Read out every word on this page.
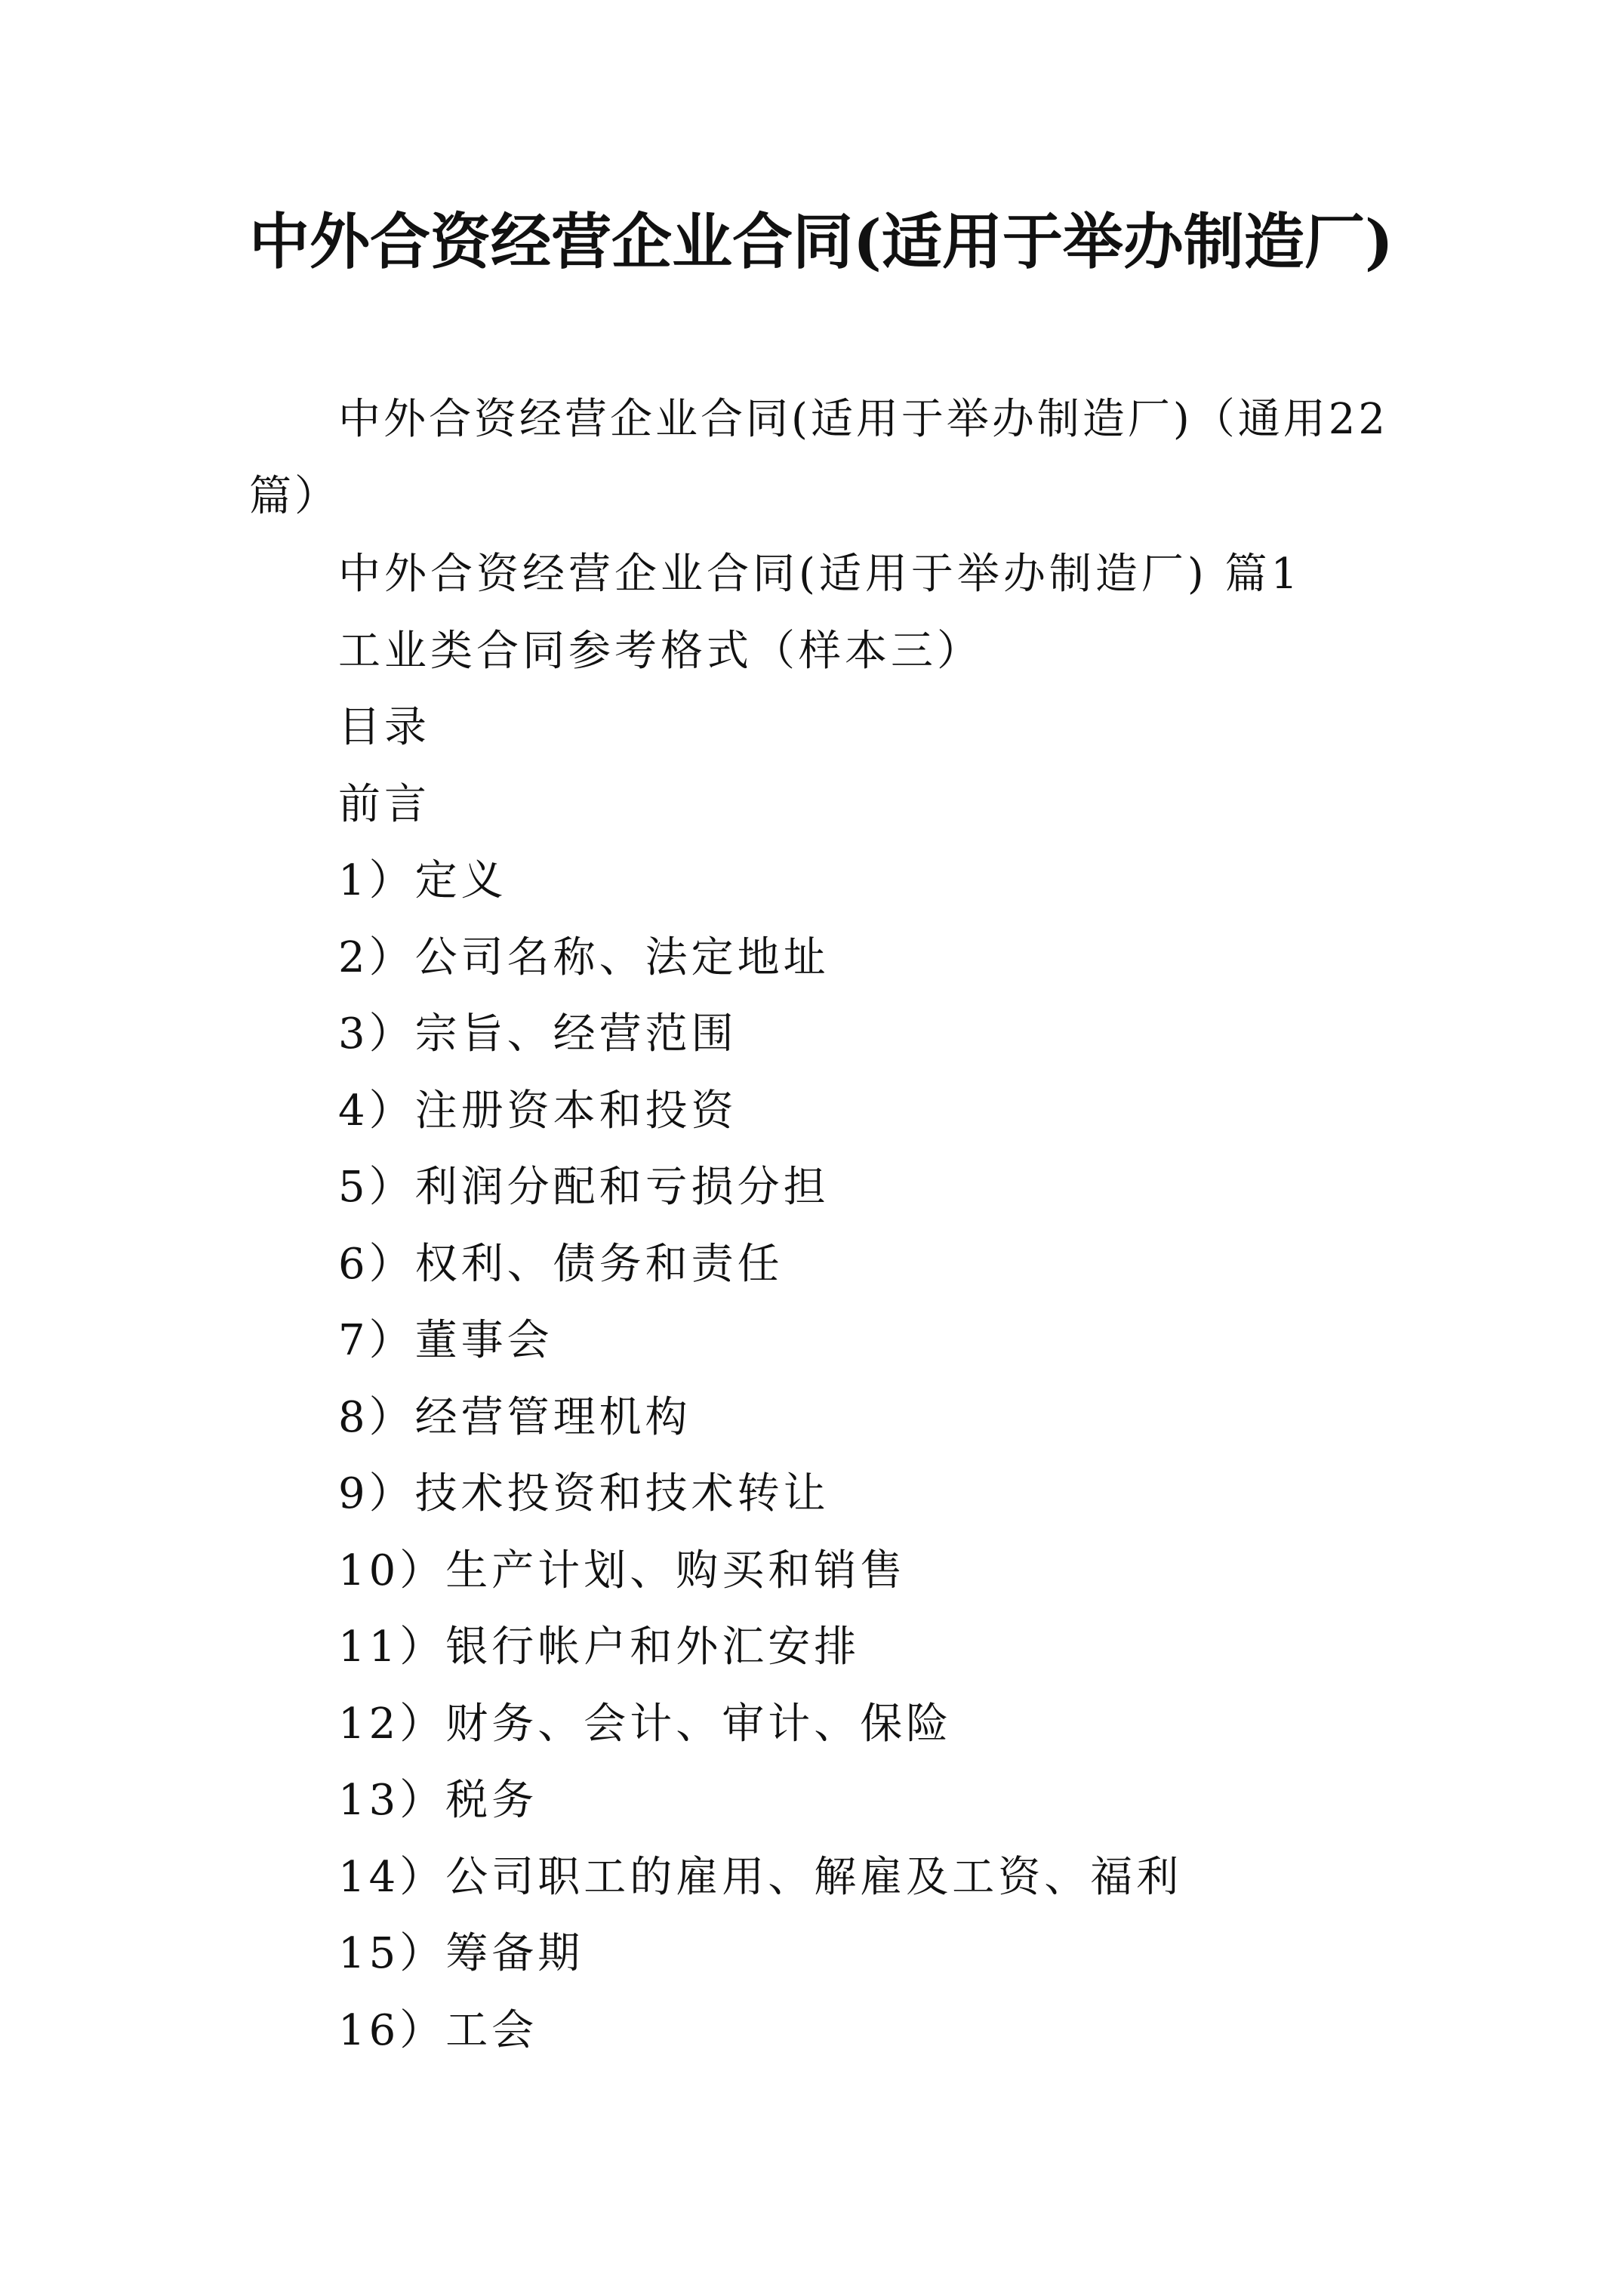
中外合资经营企业合同(适用于举办制造厂)

中外合资经营企业合同(适用于举办制造厂)（通用22篇）

中外合资经营企业合同(适用于举办制造厂) 篇1
工业类合同参考格式（样本三）
目录
前言
1）定义
2）公司名称、法定地址
3）宗旨、经营范围
4）注册资本和投资
5）利润分配和亏损分担
6）权利、债务和责任
7）董事会
8）经营管理机构
9）技术投资和技术转让
10）生产计划、购买和销售
11）银行帐户和外汇安排
12）财务、会计、审计、保险
13）税务
14）公司职工的雇用、解雇及工资、福利
15）筹备期
16）工会
